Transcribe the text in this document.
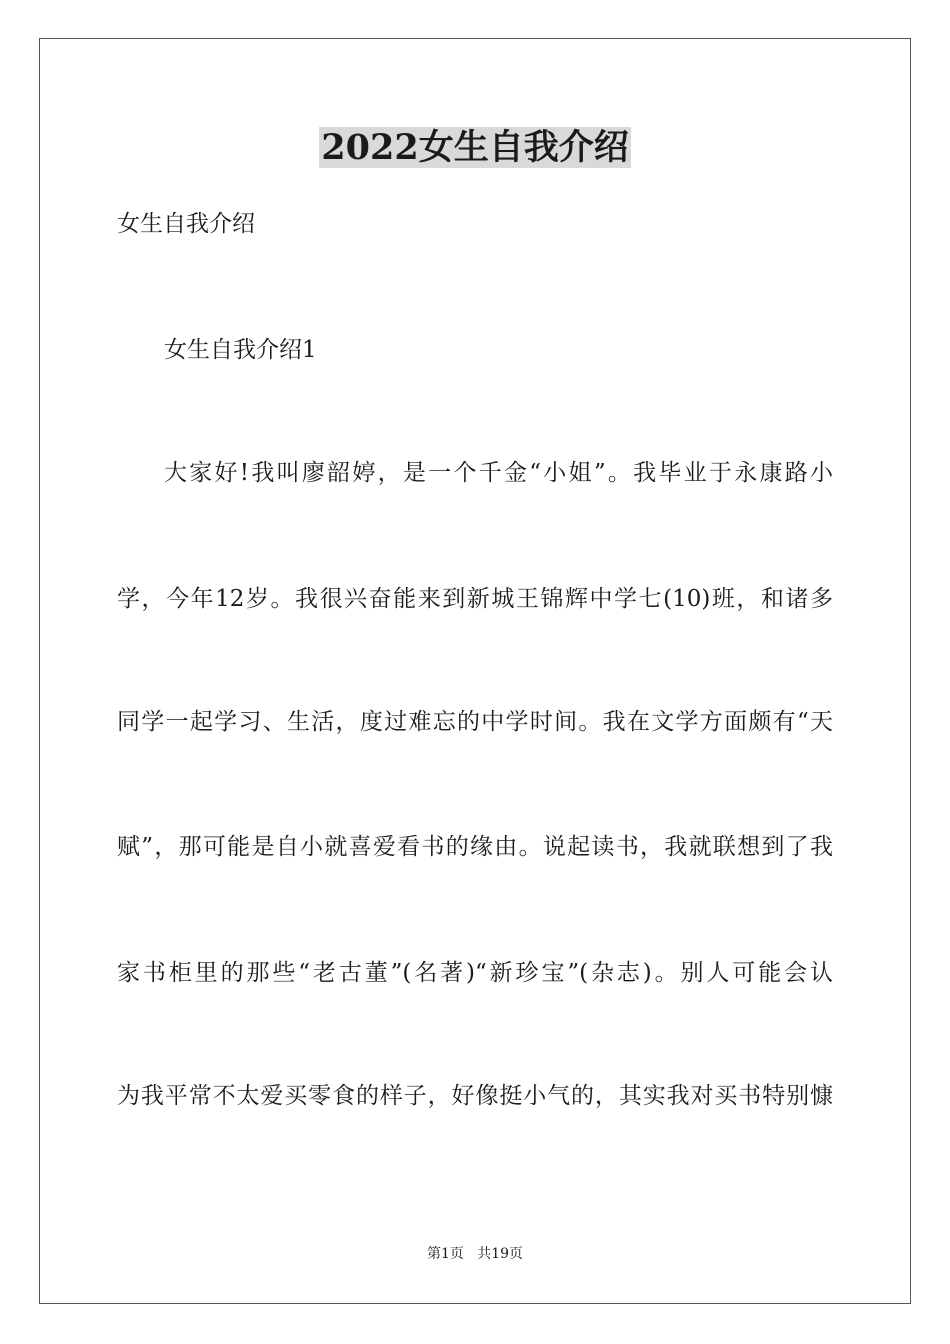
2022女生自我介绍
女生自我介绍
女生自我介绍1
大家好!我叫廖韶婷，是一个千金“小姐”。我毕业于永康路小
学，今年12岁。我很兴奋能来到新城王锦辉中学七(10)班，和诸多
同学一起学习、生活，度过难忘的中学时间。我在文学方面颇有“天
赋”，那可能是自小就喜爱看书的缘由。说起读书，我就联想到了我
家书柜里的那些“老古董”(名著)“新珍宝”(杂志)。别人可能会认
为我平常不太爱买零食的样子，好像挺小气的，其实我对买书特别慷
第1页   共19页
